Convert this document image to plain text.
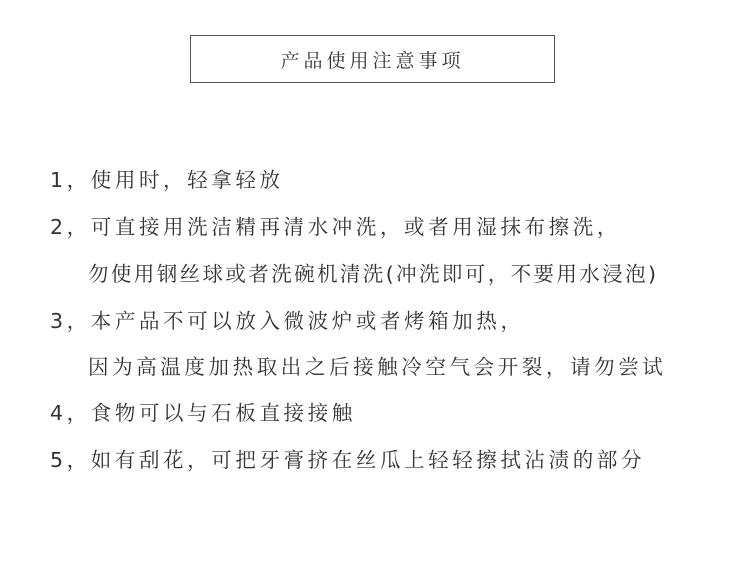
产品使用注意事项
1，使用时，轻拿轻放
2，可直接用洗洁精再清水冲洗，或者用湿抹布擦洗，
勿使用钢丝球或者洗碗机清洗(冲洗即可，不要用水浸泡)
3，本产品不可以放入微波炉或者烤箱加热，
因为高温度加热取出之后接触冷空气会开裂，请勿尝试
4，食物可以与石板直接接触
5，如有刮花，可把牙膏挤在丝瓜上轻轻擦拭沾渍的部分
